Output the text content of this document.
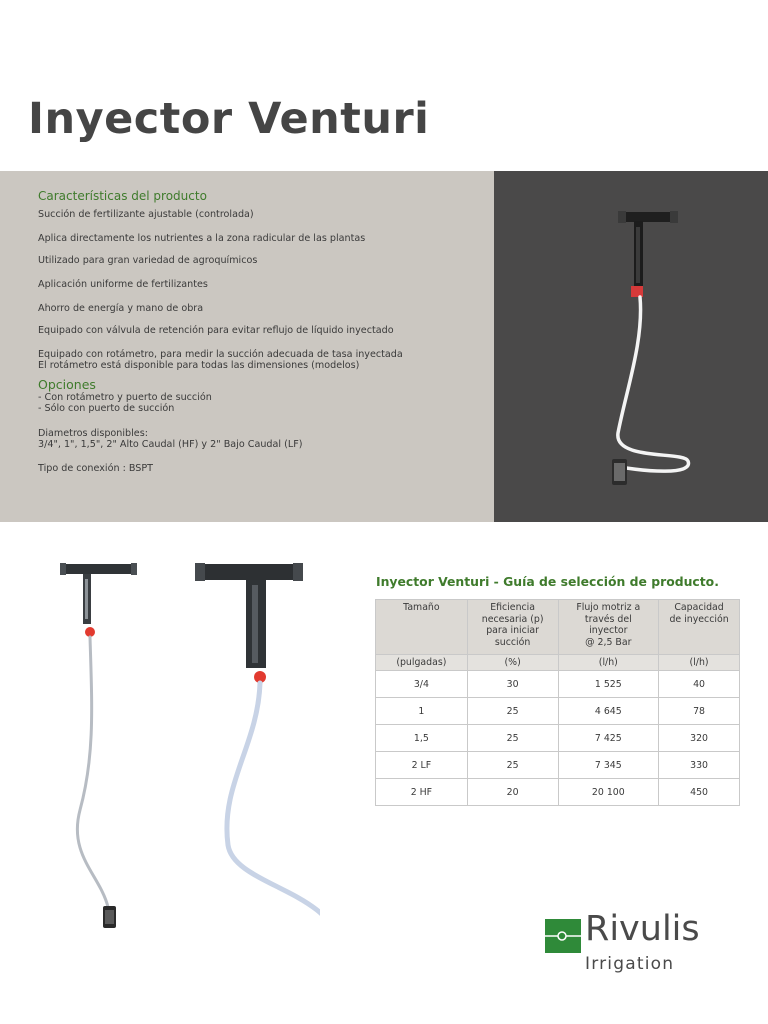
Inyector Venturi
Características del producto
Succión de fertilizante ajustable (controlada)
Aplica directamente los nutrientes a la zona radicular de las plantas
Utilizado para gran variedad de agroquímicos
Aplicación uniforme de fertilizantes
Ahorro de energía y mano de obra
Equipado con válvula de retención para evitar reflujo de líquido inyectado
Equipado con rotámetro, para medir la succión adecuada de tasa inyectada
El rotámetro está disponible para todas las dimensiones (modelos)
Opciones
- Con rotámetro y puerto de succión
- Sólo con puerto de succión
Diametros disponibles:
3/4", 1", 1,5", 2" Alto Caudal (HF) y 2" Bajo Caudal (LF)
Tipo de conexión : BSPT
Inyector Venturi - Guía de selección de producto.
Tamaño	Eficiencia
necesaria (p)
para iniciar
succión	Flujo motriz a
través del
inyector
@ 2,5 Bar	Capacidad
de inyección
(pulgadas)	(%)	(l/h)	(l/h)
3/4	30	1 525	40
1	25	4 645	78
1,5	25	7 425	320
2 LF	25	7 345	330
2 HF	20	20 100	450
Rivulis
Irrigation
